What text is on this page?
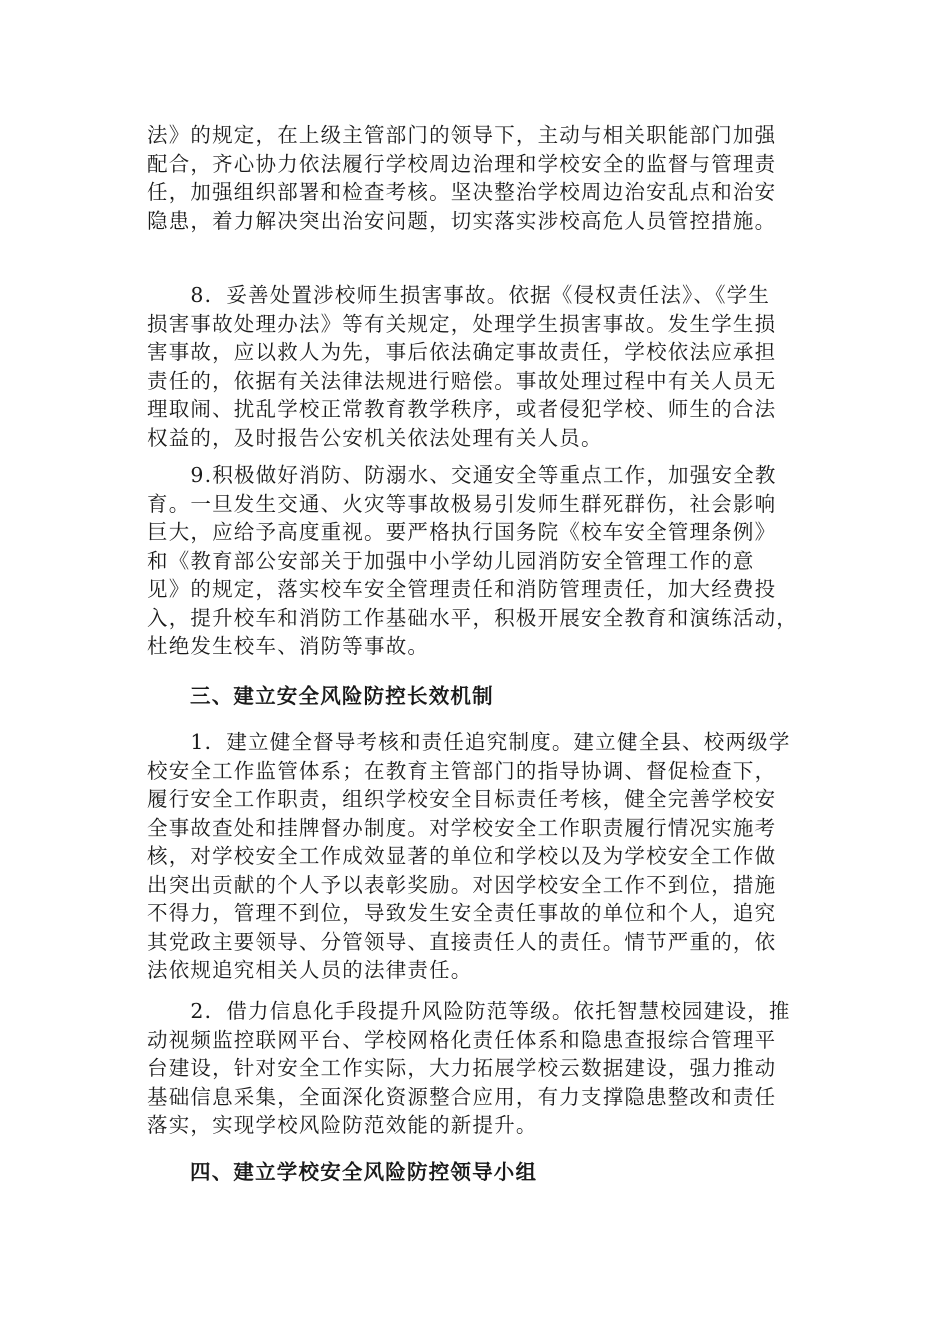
法》的规定，在上级主管部门的领导下，主动与相关职能部门加强
配合，齐心协力依法履行学校周边治理和学校安全的监督与管理责
任，加强组织部署和检查考核。坚决整治学校周边治安乱点和治安
隐患，着力解决突出治安问题，切实落实涉校高危人员管控措施。

　　8．妥善处置涉校师生损害事故。依据《侵权责任法》、《学生
损害事故处理办法》等有关规定，处理学生损害事故。发生学生损
害事故，应以救人为先，事后依法确定事故责任，学校依法应承担
责任的，依据有关法律法规进行赔偿。事故处理过程中有关人员无
理取闹、扰乱学校正常教育教学秩序，或者侵犯学校、师生的合法
权益的，及时报告公安机关依法处理有关人员。

　　9.积极做好消防、防溺水、交通安全等重点工作，加强安全教
育。一旦发生交通、火灾等事故极易引发师生群死群伤，社会影响
巨大，应给予高度重视。要严格执行国务院《校车安全管理条例》
和《教育部公安部关于加强中小学幼儿园消防安全管理工作的意
见》的规定，落实校车安全管理责任和消防管理责任，加大经费投
入，提升校车和消防工作基础水平，积极开展安全教育和演练活动，
杜绝发生校车、消防等事故。

三、建立安全风险防控长效机制

　　1．建立健全督导考核和责任追究制度。建立健全县、校两级学
校安全工作监管体系；在教育主管部门的指导协调、督促检查下，
履行安全工作职责，组织学校安全目标责任考核，健全完善学校安
全事故查处和挂牌督办制度。对学校安全工作职责履行情况实施考
核，对学校安全工作成效显著的单位和学校以及为学校安全工作做
出突出贡献的个人予以表彰奖励。对因学校安全工作不到位，措施
不得力，管理不到位，导致发生安全责任事故的单位和个人，追究
其党政主要领导、分管领导、直接责任人的责任。情节严重的，依
法依规追究相关人员的法律责任。

　　2．借力信息化手段提升风险防范等级。依托智慧校园建设，推
动视频监控联网平台、学校网格化责任体系和隐患查报综合管理平
台建设，针对安全工作实际，大力拓展学校云数据建设，强力推动
基础信息采集，全面深化资源整合应用，有力支撑隐患整改和责任
落实，实现学校风险防范效能的新提升。

四、建立学校安全风险防控领导小组
